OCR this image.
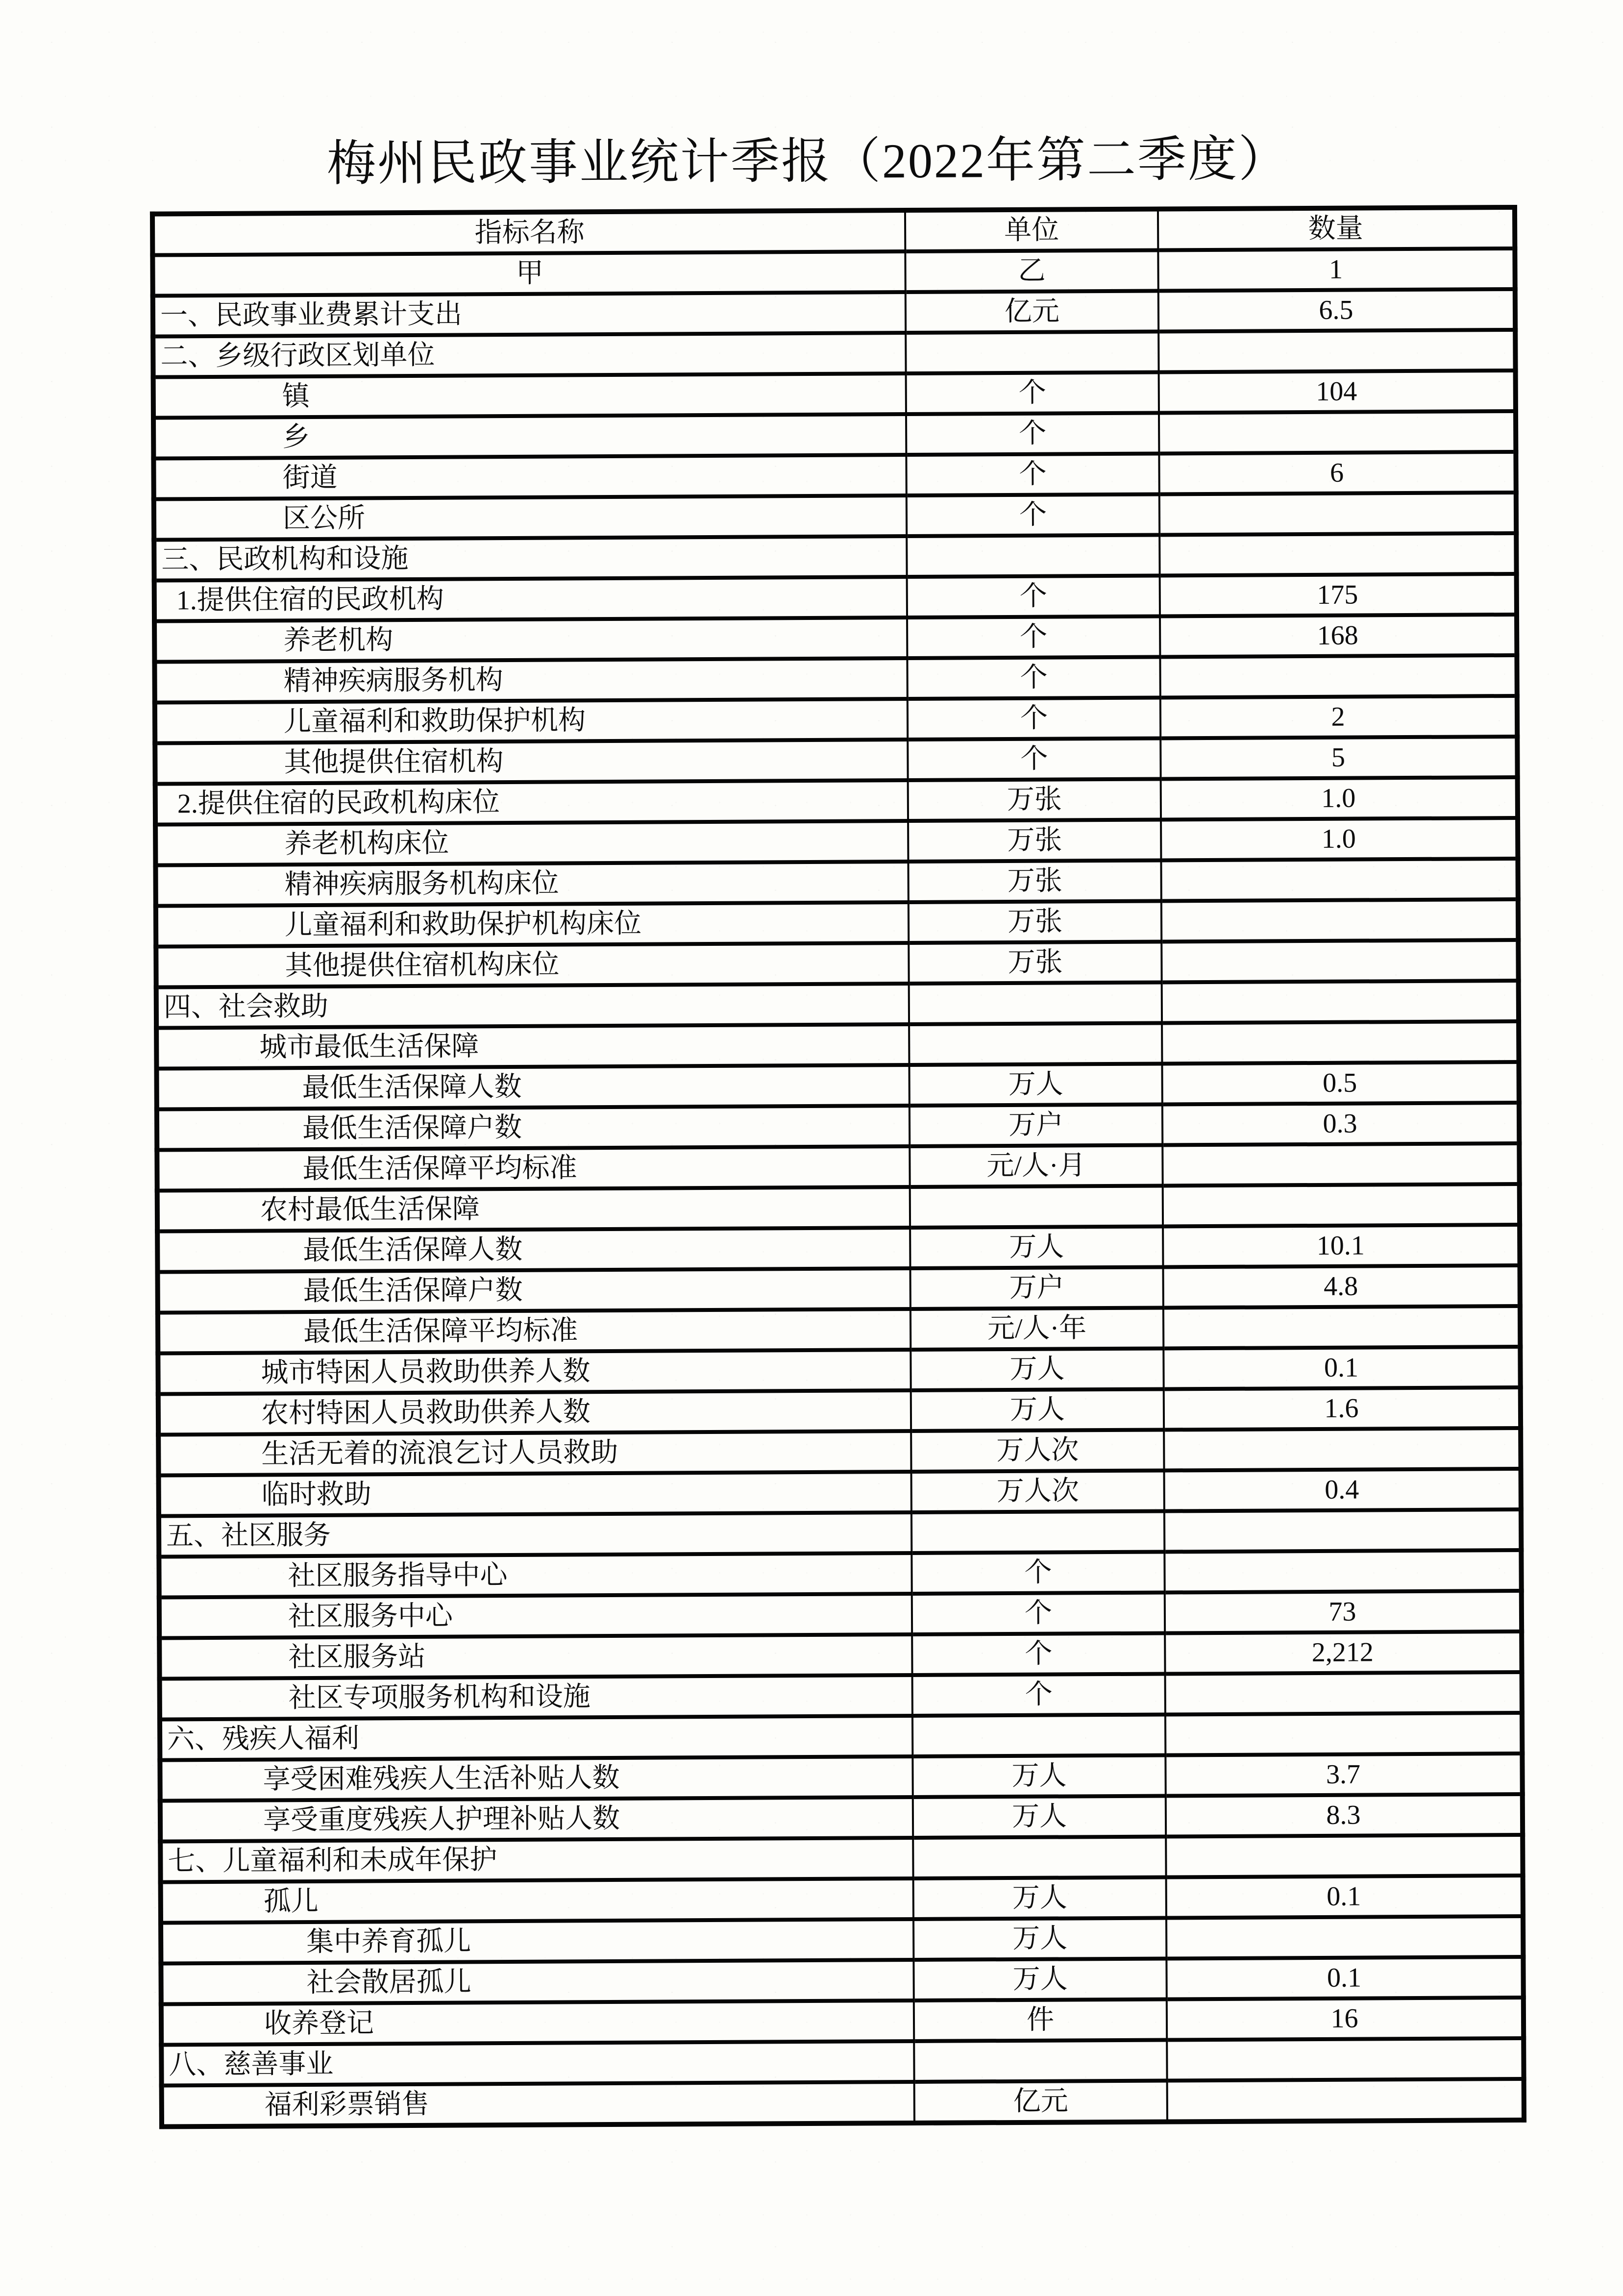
梅州民政事业统计季报（2022年第二季度）
指标名称	单位	数量
甲	乙	1
一、民政事业费累计支出	亿元	6.5
二、乡级行政区划单位		
镇	个	104
乡	个	
街道	个	6
区公所	个	
三、民政机构和设施		
1.提供住宿的民政机构	个	175
养老机构	个	168
精神疾病服务机构	个	
儿童福利和救助保护机构	个	2
其他提供住宿机构	个	5
2.提供住宿的民政机构床位	万张	1.0
养老机构床位	万张	1.0
精神疾病服务机构床位	万张	
儿童福利和救助保护机构床位	万张	
其他提供住宿机构床位	万张	
四、社会救助		
城市最低生活保障		
最低生活保障人数	万人	0.5
最低生活保障户数	万户	0.3
最低生活保障平均标准	元/人·月	
农村最低生活保障		
最低生活保障人数	万人	10.1
最低生活保障户数	万户	4.8
最低生活保障平均标准	元/人·年	
城市特困人员救助供养人数	万人	0.1
农村特困人员救助供养人数	万人	1.6
生活无着的流浪乞讨人员救助	万人次	
临时救助	万人次	0.4
五、社区服务		
社区服务指导中心	个	
社区服务中心	个	73
社区服务站	个	2,212
社区专项服务机构和设施	个	
六、残疾人福利		
享受困难残疾人生活补贴人数	万人	3.7
享受重度残疾人护理补贴人数	万人	8.3
七、儿童福利和未成年保护		
孤儿	万人	0.1
集中养育孤儿	万人	
社会散居孤儿	万人	0.1
收养登记	件	16
八、慈善事业		
福利彩票销售	亿元	
